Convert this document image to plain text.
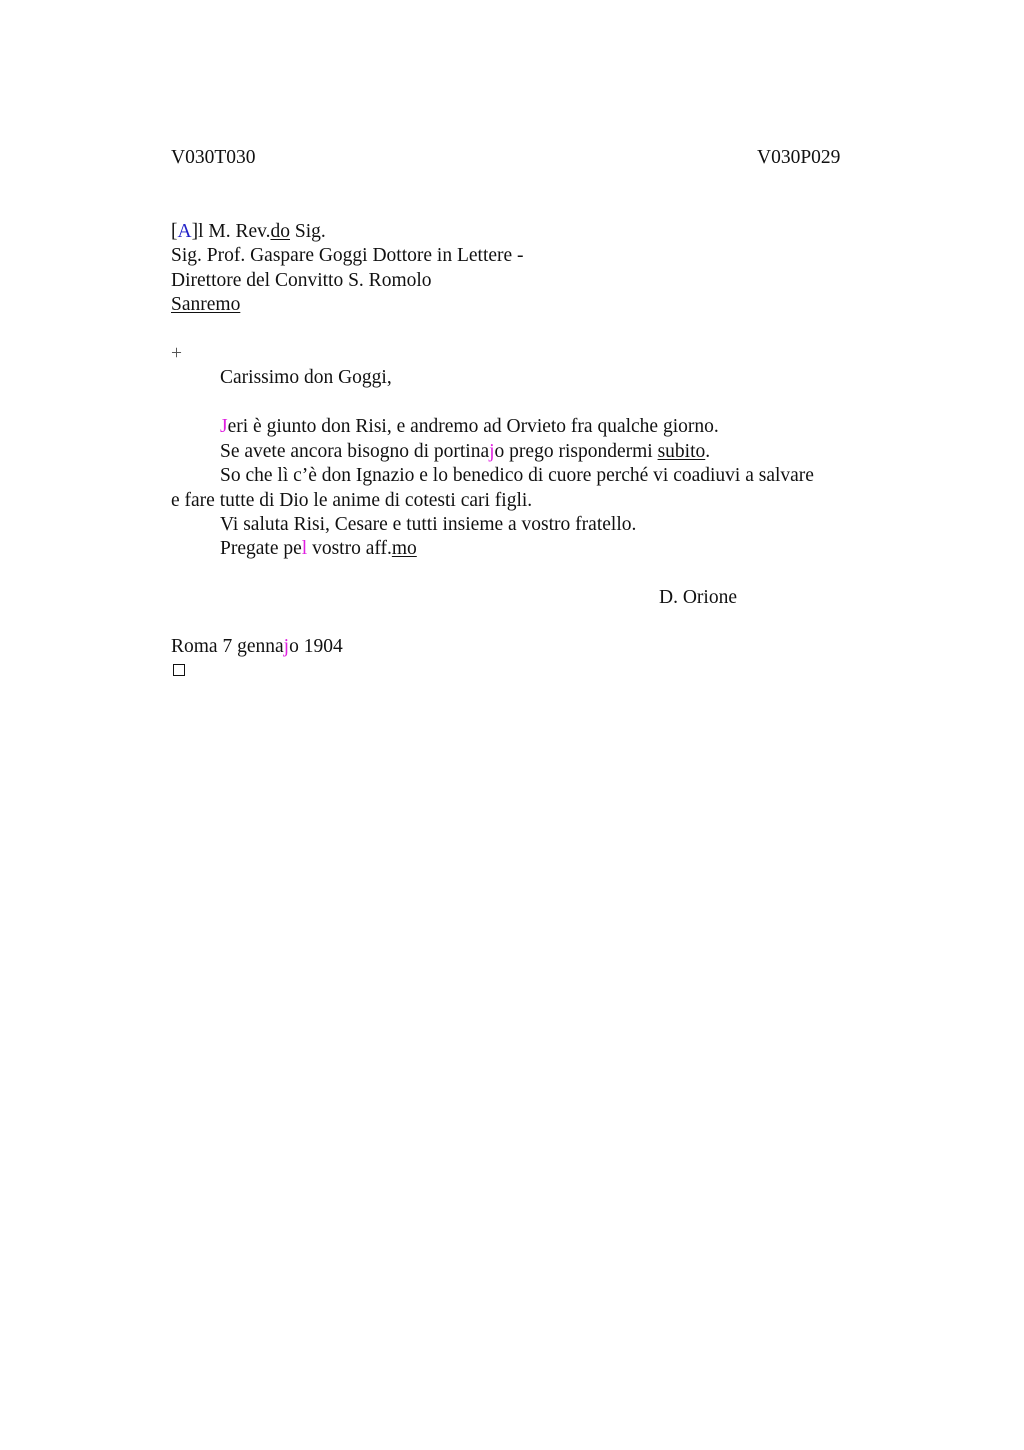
V030T030	V030P029
[A]l M. Rev.do Sig.
Sig. Prof. Gaspare Goggi Dottore in Lettere -
Direttore del Convitto S. Romolo
Sanremo
+
Carissimo don Goggi,
Jeri è giunto don Risi, e andremo ad Orvieto fra qualche giorno.
Se avete ancora bisogno di portinajo prego rispondermi subito.
So che lì c’è don Ignazio e lo benedico di cuore perché vi coadiuvi a salvare
e fare tutte di Dio le anime di cotesti cari figli.
Vi saluta Risi, Cesare e tutti insieme a vostro fratello.
Pregate pel vostro aff.mo
D. Orione
Roma 7 gennajo 1904
